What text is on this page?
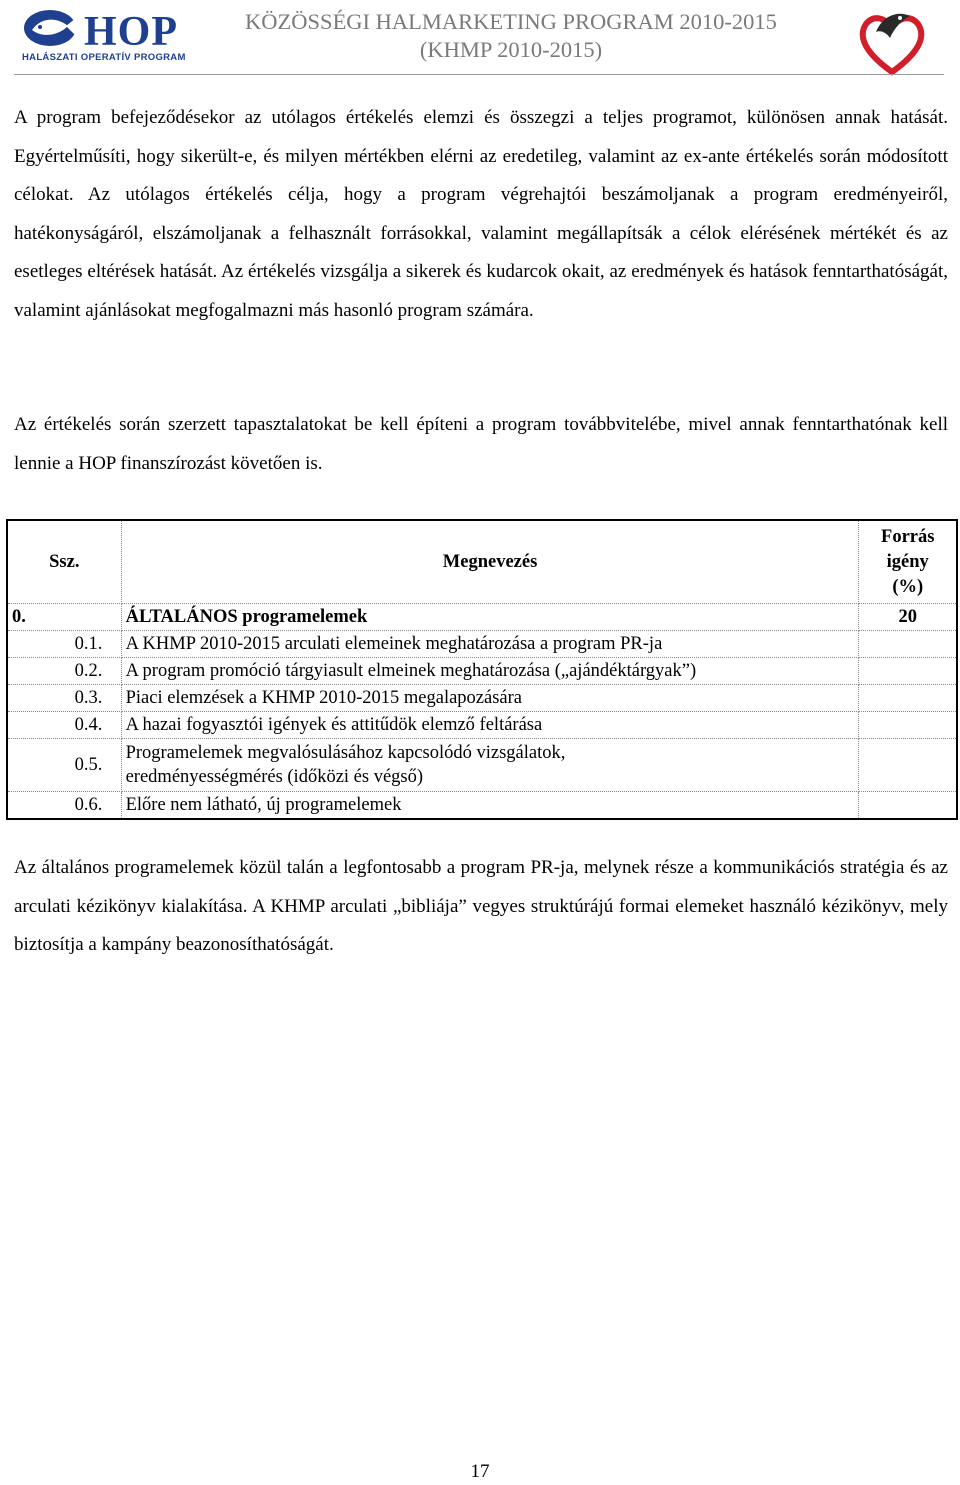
HOP
HALÁSZATI OPERATÍV PROGRAM
KÖZÖSSÉGI HALMARKETING PROGRAM 2010-2015
(KHMP 2010-2015)

A program befejeződésekor az utólagos értékelés elemzi és összegzi a teljes programot, különösen annak hatását. Egyértelműsíti, hogy sikerült-e, és milyen mértékben elérni az eredetileg, valamint az ex-ante értékelés során módosított célokat. Az utólagos értékelés célja, hogy a program végrehajtói beszámoljanak a program eredményeiről, hatékonyságáról, elszámoljanak a felhasznált forrásokkal, valamint megállapítsák a célok elérésének mértékét és az esetleges eltérések hatását. Az értékelés vizsgálja a sikerek és kudarcok okait, az eredmények és hatások fenntarthatóságát, valamint ajánlásokat megfogalmazni más hasonló program számára.

Az értékelés során szerzett tapasztalatokat be kell építeni a program továbbvitelébe, mivel annak fenntarthatónak kell lennie a HOP finanszírozást követően is.

Ssz.	Megnevezés	Forrás
igény
(%)

0.	ÁLTALÁNOS programelemek	20
0.1.	A KHMP 2010-2015 arculati elemeinek meghatározása a program PR-ja	
0.2.	A program promóció tárgyiasult elmeinek meghatározása („ajándéktárgyak”)	
0.3.	Piaci elemzések a KHMP 2010-2015 megalapozására	
0.4.	A hazai fogyasztói igények és attitűdök elemző feltárása	
0.5.	Programelemek megvalósulásához kapcsolódó vizsgálatok,
eredményességmérés (időközi és végső)	

0.6.	Előre nem látható, új programelemek	

Az általános programelemek közül talán a legfontosabb a program PR-ja, melynek része a kommunikációs stratégia és az arculati kézikönyv kialakítása. A KHMP arculati „bibliája” vegyes struktúrájú formai elemeket használó kézikönyv, mely biztosítja a kampány beazonosíthatóságát.

17
